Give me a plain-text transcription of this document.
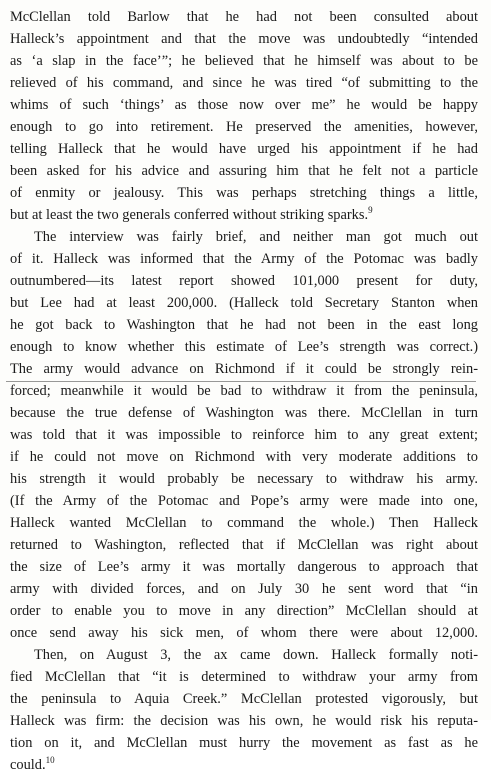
McClellan told Barlow that he had not been consulted about
Halleck’s appointment and that the move was undoubtedly “intended
as ‘a slap in the face’”; he believed that he himself was about to be
relieved of his command, and since he was tired “of submitting to the
whims of such ‘things’ as those now over me” he would be happy
enough to go into retirement. He preserved the amenities, however,
telling Halleck that he would have urged his appointment if he had
been asked for his advice and assuring him that he felt not a particle
of enmity or jealousy. This was perhaps stretching things a little,
but at least the two generals conferred without striking sparks.$^9$
The interview was fairly brief, and neither man got much out
of it. Halleck was informed that the Army of the Potomac was badly
outnumbered—its latest report showed 101,000 present for duty,
but Lee had at least 200,000. (Halleck told Secretary Stanton when
he got back to Washington that he had not been in the east long
enough to know whether this estimate of Lee’s strength was correct.)
The army would advance on Richmond if it could be strongly rein-
forced; meanwhile it would be bad to withdraw it from the peninsula,
because the true defense of Washington was there. McClellan in turn
was told that it was impossible to reinforce him to any great extent;
if he could not move on Richmond with very moderate additions to
his strength it would probably be necessary to withdraw his army.
(If the Army of the Potomac and Pope’s army were made into one,
Halleck wanted McClellan to command the whole.) Then Halleck
returned to Washington, reflected that if McClellan was right about
the size of Lee’s army it was mortally dangerous to approach that
army with divided forces, and on July 30 he sent word that “in
order to enable you to move in any direction” McClellan should at
once send away his sick men, of whom there were about 12,000.
Then, on August 3, the ax came down. Halleck formally noti-
fied McClellan that “it is determined to withdraw your army from
the peninsula to Aquia Creek.” McClellan protested vigorously, but
Halleck was firm: the decision was his own, he would risk his reputa-
tion on it, and McClellan must hurry the movement as fast as he
could.$^{10}$
